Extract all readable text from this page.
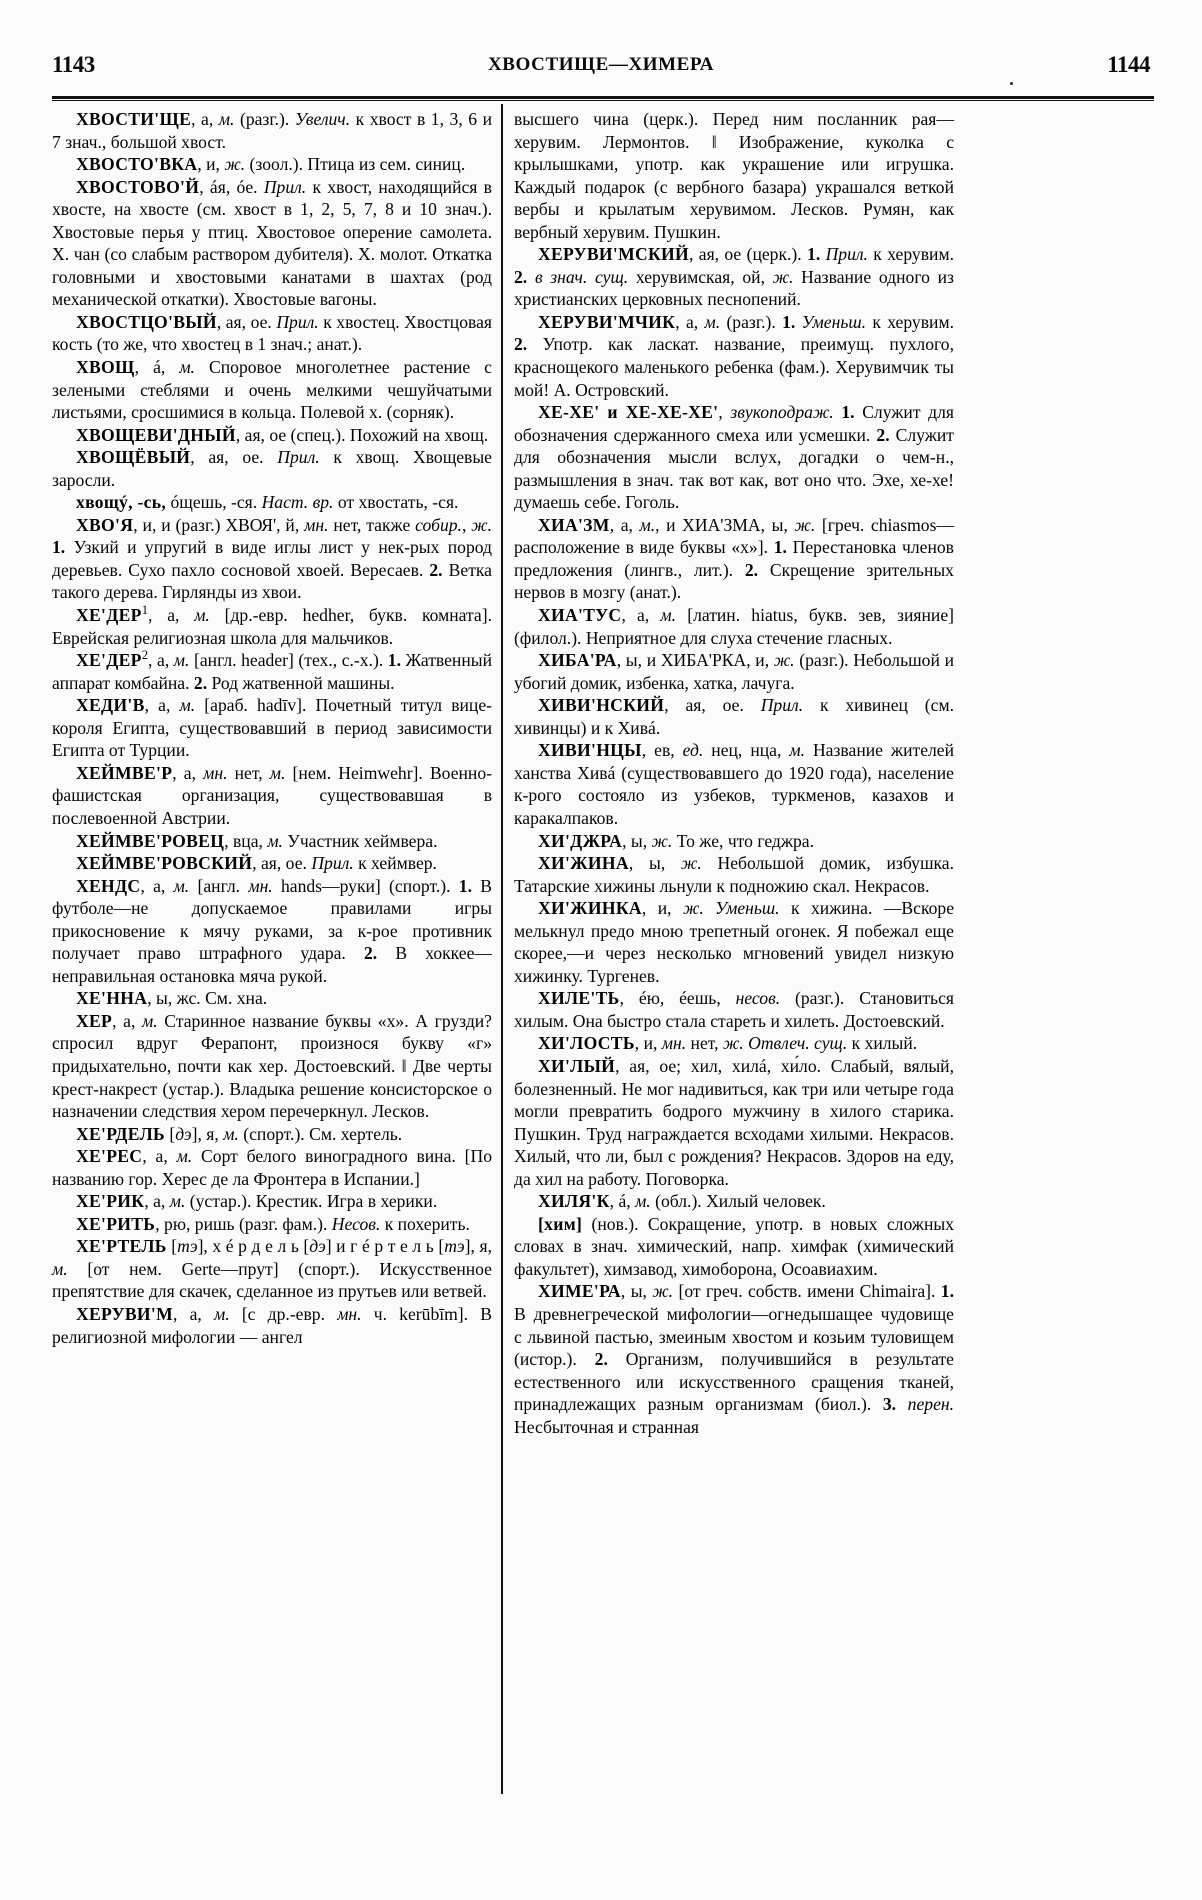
1143	ХВОСТИЩЕ—ХИМЕРА	1144

ХВОСТИ'ЩЕ, а, м. (разг.). Увелич. к хвост в 1, 3, 6 и 7 знач., большой хвост.

ХВОСТО'ВКА, и, ж. (зоол.). Птица из сем. синиц.

ХВОСТОВО'Й, áя, óе. Прил. к хвост, находящийся в хвосте, на хвосте (см. хвост в 1, 2, 5, 7, 8 и 10 знач.). Хвостовые перья у птиц. Хвостовое оперение самолета. Х. чан (со слабым раствором дубителя). Х. молот. Откатка головными и хвостовыми канатами в шахтах (род механической откатки). Хвостовые вагоны.

ХВОСТЦО'ВЫЙ, ая, ое. Прил. к хвостец. Хвостцовая кость (то же, что хвостец в 1 знач.; анат.).

ХВОЩ, á, м. Споровое многолетнее растение с зелеными стеблями и очень мелкими чешуйчатыми листьями, сросшимися в кольца. Полевой х. (сорняк).

ХВОЩЕВИ'ДНЫЙ, ая, ое (спец.). Похожий на хвощ.

ХВОЩЁВЫЙ, ая, ое. Прил. к хвощ. Хвощевые заросли.

хвощý, -сь, óщешь, -ся. Наст. вр. от хвостать, -ся.

ХВО'Я, и, и (разг.) ХВОЯ', й, мн. нет, также собир., ж. 1. Узкий и упругий в виде иглы лист у нек-рых пород деревьев. Сухо пахло сосновой хвоей. Вересаев. 2. Ветка такого дерева. Гирлянды из хвои.

ХЕ'ДЕР$^1$, а, м. [др.-евр. hedher, букв. комната]. Еврейская религиозная школа для мальчиков.

ХЕ'ДЕР$^2$, а, м. [англ. header] (тех., с.-х.). 1. Жатвенный аппарат комбайна. 2. Род жатвенной машины.

ХЕДИ'В, а, м. [араб. hadīv]. Почетный титул вице-короля Египта, существовавший в период зависимости Египта от Турции.

ХЕЙМВЕ'Р, а, мн. нет, м. [нем. Heimwehr]. Военно-фашистская организация, существовавшая в послевоенной Австрии.

ХЕЙМВЕ'РОВЕЦ, вца, м. Участник хеймвера.

ХЕЙМВЕ'РОВСКИЙ, ая, ое. Прил. к хеймвер.

ХЕНДС, а, м. [англ. мн. hands—руки] (спорт.). 1. В футболе—не допускаемое правилами игры прикосновение к мячу руками, за к-рое противник получает право штрафного удара. 2. В хоккее—неправильная остановка мяча рукой.

ХЕ'ННА, ы, жс. См. хна.

ХЕР, а, м. Старинное название буквы «х». А грузди? спросил вдруг Ферапонт, произнося букву «г» придыхательно, почти как хер. Достоевский. ‖ Две черты крест-накрест (устар.). Владыка решение консисторское о назначении следствия хером перечеркнул. Лесков.

ХЕ'РДЕЛЬ [дэ], я, м. (спорт.). См. хертель.

ХЕ'РЕС, а, м. Сорт белого виноградного вина. [По названию гор. Херес де ла Фронтера в Испании.]

ХЕ'РИК, а, м. (устар.). Крестик. Игра в херики.

ХЕ'РИТЬ, рю, ришь (разг. фам.). Несов. к похерить.

ХЕ'РТЕЛЬ [тэ], х é р д е л ь [дэ] и г é р т е л ь [тэ], я, м. [от нем. Gerte—прут] (спорт.). Искусственное препятствие для скачек, сделанное из прутьев или ветвей.

ХЕРУВИ'М, а, м. [с др.-евр. мн. ч. kerūbīm]. В религиозной мифологии — ангел

высшего чина (церк.). Перед ним посланник рая—херувим. Лермонтов. ‖ Изображение, куколка с крылышками, употр. как украшение или игрушка. Каждый подарок (с вербного базара) украшался веткой вербы и крылатым херувимом. Лесков. Румян, как вербный херувим. Пушкин.

ХЕРУВИ'МСКИЙ, ая, ое (церк.). 1. Прил. к херувим. 2. в знач. сущ. херувимская, ой, ж. Название одного из христианских церковных песнопений.

ХЕРУВИ'МЧИК, а, м. (разг.). 1. Уменьш. к херувим. 2. Употр. как ласкат. название, преимущ. пухлого, краснощекого маленького ребенка (фам.). Херувимчик ты мой! А. Островский.

ХЕ-ХЕ' и ХЕ-ХЕ-ХЕ', звукоподраж. 1. Служит для обозначения сдержанного смеха или усмешки. 2. Служит для обозначения мысли вслух, догадки о чем-н., размышления в знач. так вот как, вот оно что. Эхе, хе-хе! думаешь себе. Гоголь.

ХИА'ЗМ, а, м., и ХИА'ЗМА, ы, ж. [греч. chiasmos—расположение в виде буквы «х»]. 1. Перестановка членов предложения (лингв., лит.). 2. Скрещение зрительных нервов в мозгу (анат.).

ХИА'ТУС, а, м. [латин. hiatus, букв. зев, зияние] (филол.). Неприятное для слуха стечение гласных.

ХИБА'РА, ы, и ХИБА'РКА, и, ж. (разг.). Небольшой и убогий домик, избенка, хатка, лачуга.

ХИВИ'НСКИЙ, ая, ое. Прил. к хивинец (см. хивинцы) и к Хивá.

ХИВИ'НЦЫ, ев, ед. нец, нца, м. Название жителей ханства Хивá (существовавшего до 1920 года), население к-рого состояло из узбеков, туркменов, казахов и каракалпаков.

ХИ'ДЖРА, ы, ж. То же, что геджра.

ХИ'ЖИНА, ы, ж. Небольшой домик, избушка. Татарские хижины льнули к подножию скал. Некрасов.

ХИ'ЖИНКА, и, ж. Уменьш. к хижина. —Вскоре мелькнул предо мною трепетный огонек. Я побежал еще скорее,—и через несколько мгновений увидел низкую хижинку. Тургенев.

ХИЛЕ'ТЬ, éю, éешь, несов. (разг.). Становиться хилым. Она быстро стала стареть и хилеть. Достоевский.

ХИ'ЛОСТЬ, и, мн. нет, ж. Отвлеч. сущ. к хилый.

ХИ'ЛЫЙ, ая, ое; хил, хилá, хи́ло. Слабый, вялый, болезненный. Не мог надивиться, как три или четыре года могли превратить бодрого мужчину в хилого старика. Пушкин. Труд награждается всходами хилыми. Некрасов. Хилый, что ли, был с рождения? Некрасов. Здоров на еду, да хил на работу. Поговорка.

ХИЛЯ'К, á, м. (обл.). Хилый человек.

[хим] (нов.). Сокращение, употр. в новых сложных словах в знач. химический, напр. химфак (химический факультет), химзавод, химоборона, Осоавиахим.

ХИМЕ'РА, ы, ж. [от греч. собств. имени Chimaira]. 1. В древнегреческой мифологии—огнедышащее чудовище с львиной пастью, змеиным хвостом и козьим туловищем (истор.). 2. Организм, получившийся в результате естественного или искусственного сращения тканей, принадлежащих разным организмам (биол.). 3. перен. Несбыточная и странная
